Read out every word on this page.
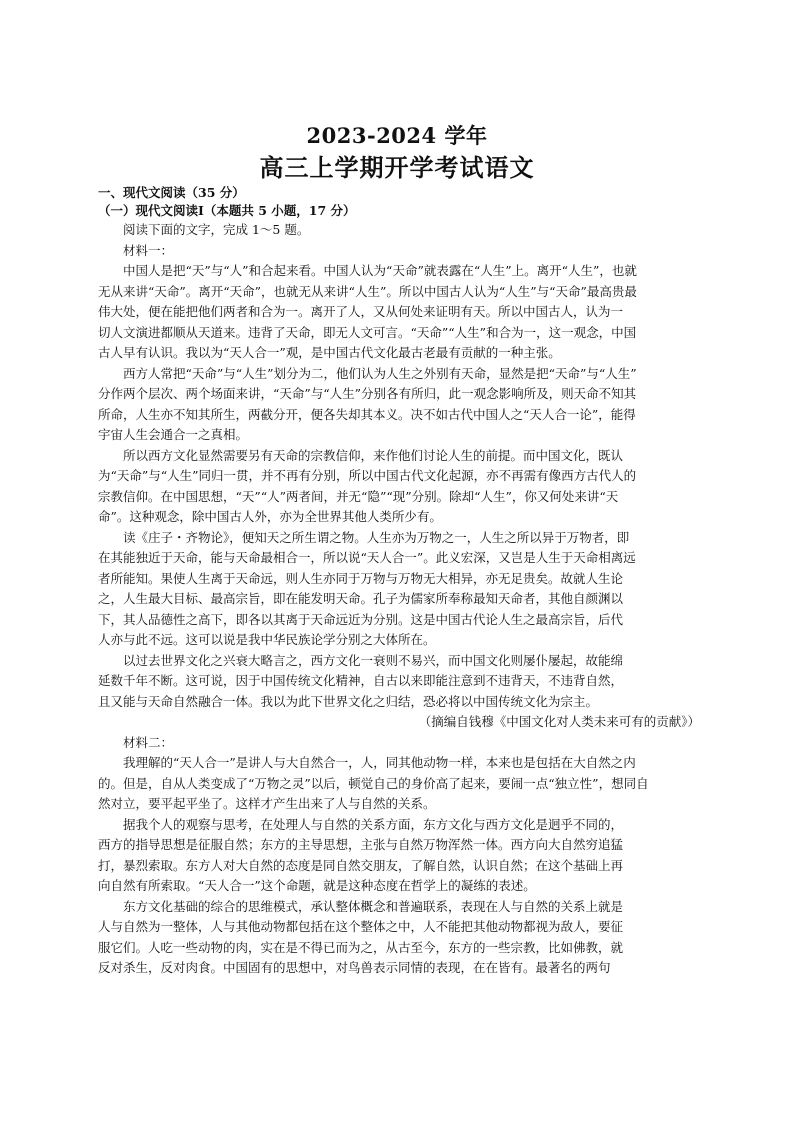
2023-2024 学年
高三上学期开学考试语文
一、现代文阅读（35 分）
（一）现代文阅读Ⅰ（本题共 5 小题，17 分）
阅读下面的文字，完成 1～5 题。
材料一：
中国人是把“天”与“人”和合起来看。中国人认为“天命”就表露在“人生”上。离开“人生”，也就
无从来讲“天命”。离开“天命”，也就无从来讲“人生”。所以中国古人认为“人生”与“天命”最高贵最
伟大处，便在能把他们两者和合为一。离开了人，又从何处来证明有天。所以中国古人，认为一
切人文演进都顺从天道来。违背了天命，即无人文可言。“天命”“人生”和合为一，这一观念，中国
古人早有认识。我以为“天人合一”观，是中国古代文化最古老最有贡献的一种主张。
西方人常把“天命”与“人生”划分为二，他们认为人生之外别有天命，显然是把“天命”与“人生”
分作两个层次、两个场面来讲，“天命”与“人生”分别各有所归，此一观念影响所及，则天命不知其
所命，人生亦不知其所生，两截分开，便各失却其本义。决不如古代中国人之“天人合一论”，能得
宇宙人生会通合一之真相。
所以西方文化显然需要另有天命的宗教信仰，来作他们讨论人生的前提。而中国文化，既认
为“天命”与“人生”同归一贯，并不再有分别，所以中国古代文化起源，亦不再需有像西方古代人的
宗教信仰。在中国思想，“天”“人”两者间，并无“隐”“现”分别。除却“人生”，你又何处来讲“天
命”。这种观念，除中国古人外，亦为全世界其他人类所少有。
读《庄子・齐物论》，便知天之所生谓之物。人生亦为万物之一，人生之所以异于万物者，即
在其能独近于天命，能与天命最相合一，所以说“天人合一”。此义宏深，又岂是人生于天命相离远
者所能知。果使人生离于天命远，则人生亦同于万物与万物无大相异，亦无足贵矣。故就人生论
之，人生最大目标、最高宗旨，即在能发明天命。孔子为儒家所奉称最知天命者，其他自颜渊以
下，其人品德性之高下，即各以其离于天命远近为分别。这是中国古代论人生之最高宗旨，后代
人亦与此不远。这可以说是我中华民族论学分别之大体所在。
以过去世界文化之兴衰大略言之，西方文化一衰则不易兴，而中国文化则屡仆屡起，故能绵
延数千年不断。这可说，因于中国传统文化精神，自古以来即能注意到不违背天，不违背自然，
且又能与天命自然融合一体。我以为此下世界文化之归结，恐必将以中国传统文化为宗主。
（摘编自钱穆《中国文化对人类未来可有的贡献》）
材料二：
我理解的“天人合一”是讲人与大自然合一，人，同其他动物一样，本来也是包括在大自然之内
的。但是，自从人类变成了“万物之灵”以后，顿觉自己的身价高了起来，要闹一点“独立性”，想同自
然对立，要平起平坐了。这样才产生出来了人与自然的关系。
据我个人的观察与思考，在处理人与自然的关系方面，东方文化与西方文化是迥乎不同的，
西方的指导思想是征服自然；东方的主导思想，主张与自然万物浑然一体。西方向大自然穷追猛
打，暴烈索取。东方人对大自然的态度是同自然交朋友，了解自然，认识自然；在这个基础上再
向自然有所索取。“天人合一”这个命题，就是这种态度在哲学上的凝练的表述。
东方文化基础的综合的思维模式，承认整体概念和普遍联系，表现在人与自然的关系上就是
人与自然为一整体，人与其他动物都包括在这个整体之中，人不能把其他动物都视为敌人，要征
服它们。人吃一些动物的肉，实在是不得已而为之，从古至今，东方的一些宗教，比如佛教，就
反对杀生，反对肉食。中国固有的思想中，对鸟兽表示同情的表现，在在皆有。最著名的两句
